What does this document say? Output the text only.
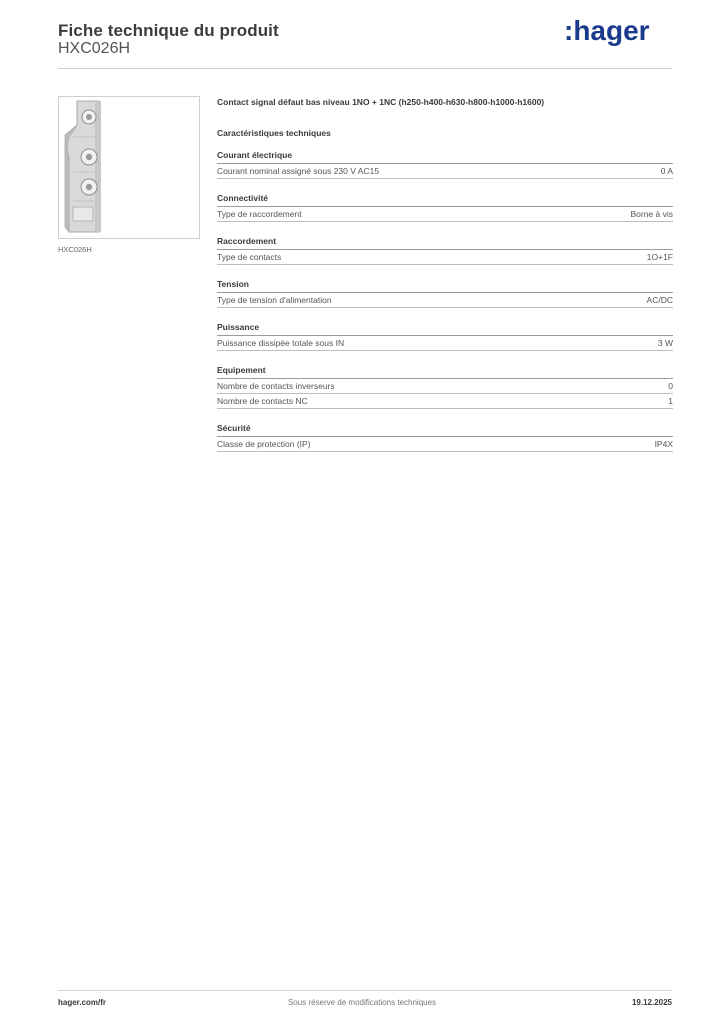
Fiche technique du produit
HXC026H
:hager
HXC026H
Contact signal défaut bas niveau 1NO + 1NC (h250-h400-h630-h800-h1000-h1600)
Caractéristiques techniques
Courant électrique
Courant nominal assigné sous 230 V AC15	0 A
Connectivité
Type de raccordement	Borne à vis
Raccordement
Type de contacts	1O+1F
Tension
Type de tension d'alimentation	AC/DC
Puissance
Puissance dissipée totale sous IN	3 W
Equipement
Nombre de contacts inverseurs	0
Nombre de contacts NC	1
Sécurité
Classe de protection (IP)	IP4X
hager.com/fr	Sous réserve de modifications techniques	19.12.2025
